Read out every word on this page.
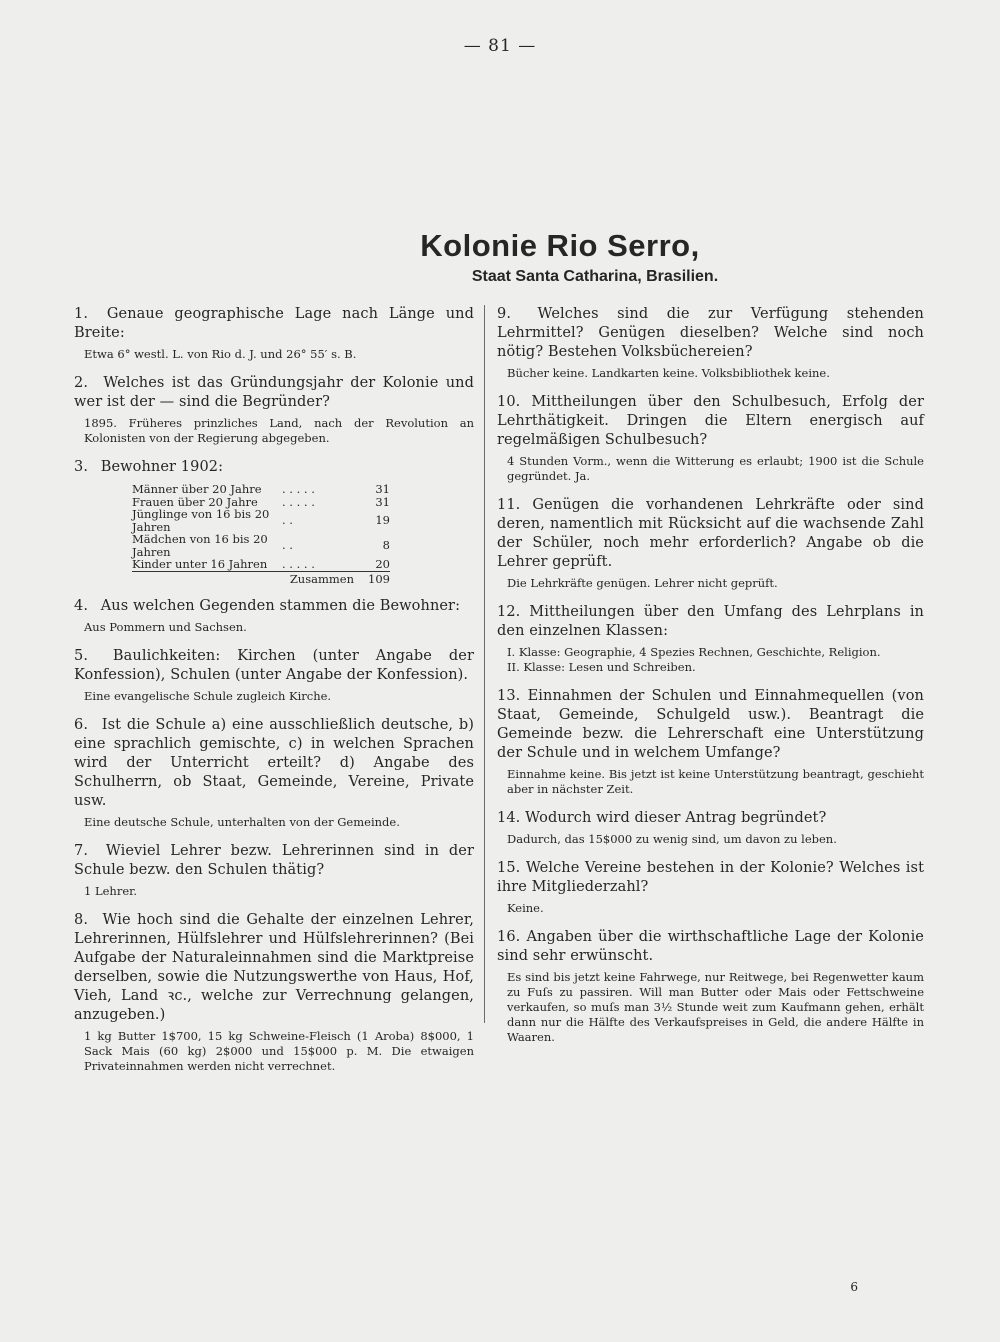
— 81 —
Kolonie Rio Serro,
Staat Santa Catharina, Brasilien.
1. Genaue geographische Lage nach Länge und Breite:
Etwa 6° westl. L. von Rio d. J. und 26° 55′ s. B.
2. Welches ist das Gründungsjahr der Kolonie und wer ist der — sind die Begründer?
1895. Früheres prinzliches Land, nach der Revolution an Kolonisten von der Regierung abgegeben.
3. Bewohner 1902:
Männer über 20 Jahre	. . . . .	31
Frauen über 20 Jahre	. . . . .	31
Jünglinge von 16 bis 20 Jahren	. .	19
Mädchen von 16 bis 20 Jahren	. .	8
Kinder unter 16 Jahren	. . . . .	20
	Zusammen	109
4. Aus welchen Gegenden stammen die Bewohner:
Aus Pommern und Sachsen.
5. Baulichkeiten: Kirchen (unter Angabe der Konfession), Schulen (unter Angabe der Konfession).
Eine evangelische Schule zugleich Kirche.
6. Ist die Schule a) eine ausschließlich deutsche, b) eine sprachlich gemischte, c) in welchen Sprachen wird der Unterricht erteilt? d) Angabe des Schulherrn, ob Staat, Gemeinde, Vereine, Private usw.
Eine deutsche Schule, unterhalten von der Gemeinde.
7. Wieviel Lehrer bezw. Lehrerinnen sind in der Schule bezw. den Schulen thätig?
1 Lehrer.
8. Wie hoch sind die Gehalte der einzelnen Lehrer, Lehrerinnen, Hülfslehrer und Hülfslehrerinnen? (Bei Aufgabe der Naturaleinnahmen sind die Marktpreise derselben, sowie die Nutzungswerthe von Haus, Hof, Vieh, Land ꝛc., welche zur Verrechnung gelangen, anzugeben.)
1 kg Butter 1$700, 15 kg Schweine-Fleisch (1 Aroba) 8$000, 1 Sack Mais (60 kg) 2$000 und 15$000 p. M. Die etwaigen Privateinnahmen werden nicht verrechnet.
9. Welches sind die zur Verfügung stehenden Lehrmittel? Genügen dieselben? Welche sind noch nötig? Bestehen Volksbüchereien?
Bücher keine. Landkarten keine. Volksbibliothek keine.
10. Mittheilungen über den Schulbesuch, Erfolg der Lehrthätigkeit. Dringen die Eltern energisch auf regelmäßigen Schulbesuch?
4 Stunden Vorm., wenn die Witterung es erlaubt; 1900 ist die Schule gegründet. Ja.
11. Genügen die vorhandenen Lehrkräfte oder sind deren, namentlich mit Rücksicht auf die wachsende Zahl der Schüler, noch mehr erforderlich? Angabe ob die Lehrer geprüft.
Die Lehrkräfte genügen. Lehrer nicht geprüft.
12. Mittheilungen über den Umfang des Lehrplans in den einzelnen Klassen:
I. Klasse: Geographie, 4 Spezies Rechnen, Geschichte, Religion.
II. Klasse: Lesen und Schreiben.
13. Einnahmen der Schulen und Einnahmequellen (von Staat, Gemeinde, Schulgeld usw.). Beantragt die Gemeinde bezw. die Lehrerschaft eine Unterstützung der Schule und in welchem Umfange?
Einnahme keine. Bis jetzt ist keine Unterstützung beantragt, geschieht aber in nächster Zeit.
14. Wodurch wird dieser Antrag begründet?
Dadurch, das 15$000 zu wenig sind, um davon zu leben.
15. Welche Vereine bestehen in der Kolonie? Welches ist ihre Mitgliederzahl?
Keine.
16. Angaben über die wirthschaftliche Lage der Kolonie sind sehr erwünscht.
Es sind bis jetzt keine Fahrwege, nur Reitwege, bei Regenwetter kaum zu Fuſs zu passiren. Will man Butter oder Mais oder Fettschweine verkaufen, so muſs man 3½ Stunde weit zum Kaufmann gehen, erhält dann nur die Hälfte des Verkaufspreises in Geld, die andere Hälfte in Waaren.
6
